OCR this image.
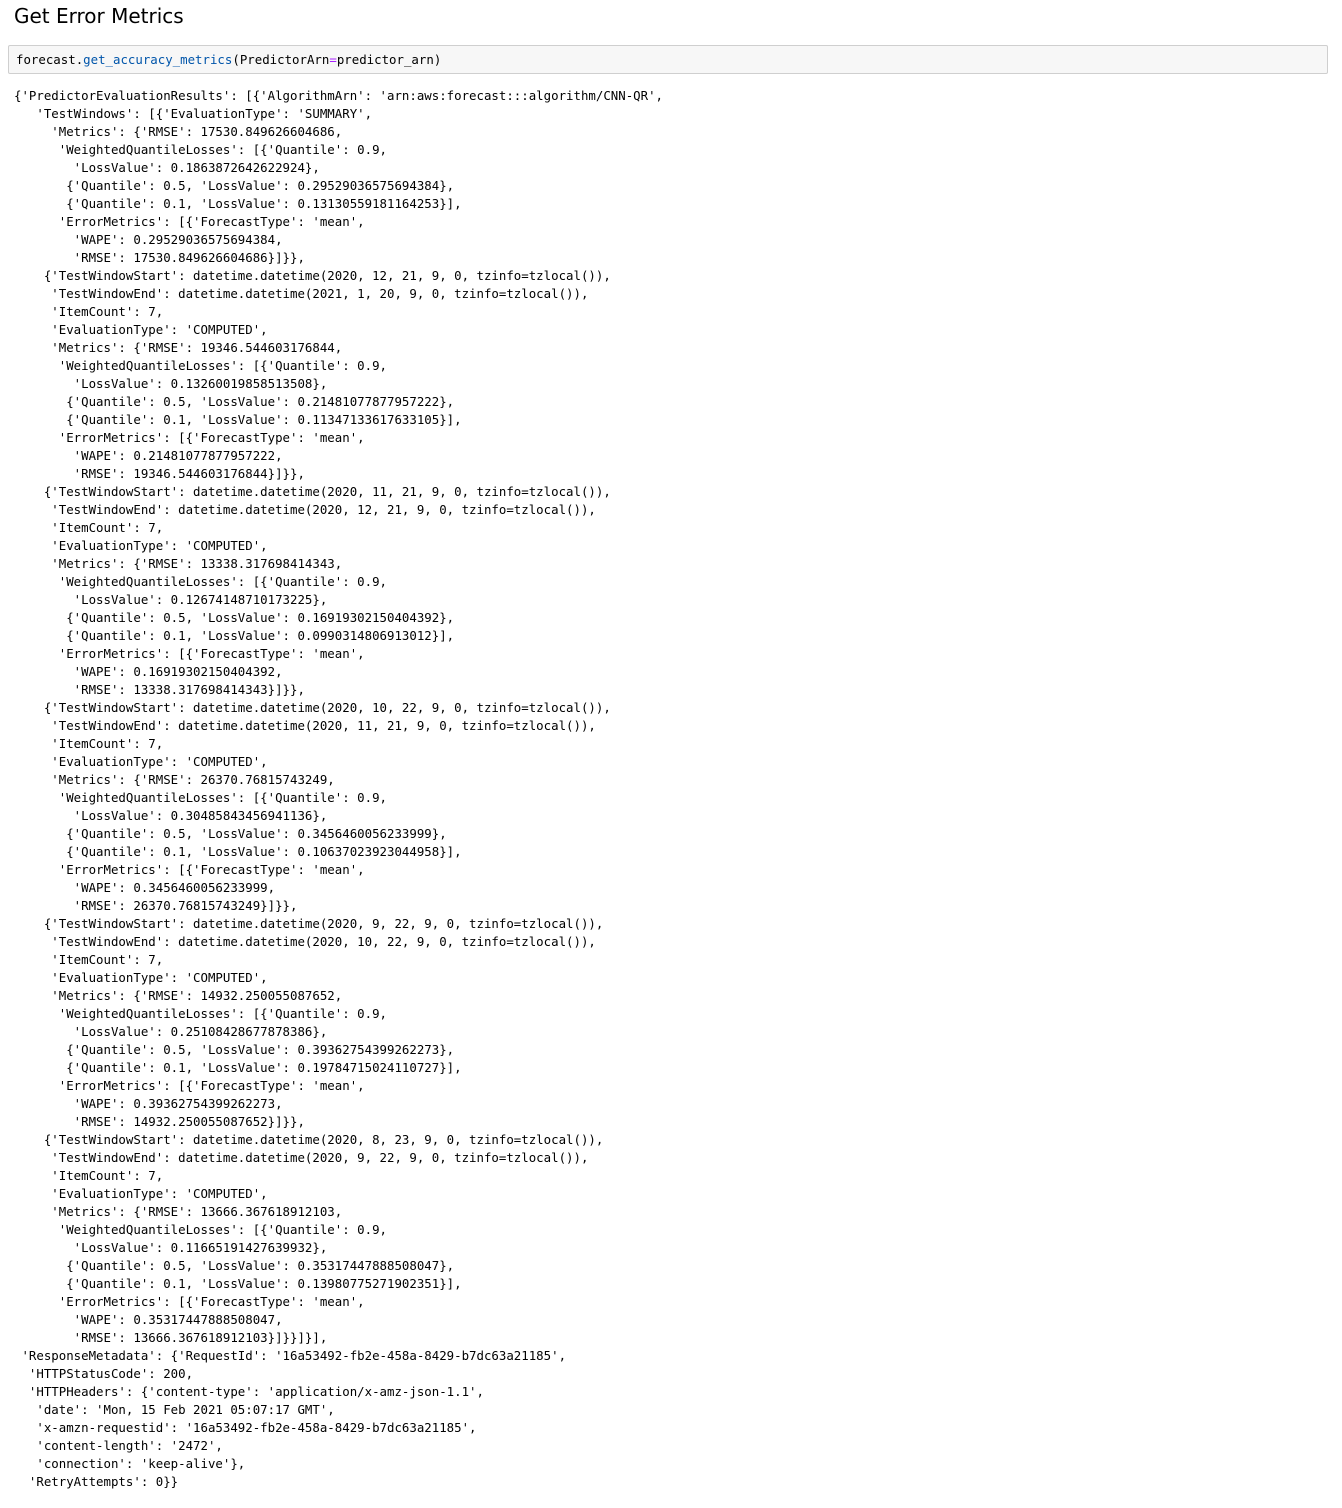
Get Error Metrics
forecast.get_accuracy_metrics(PredictorArn=predictor_arn)
{'PredictorEvaluationResults': [{'AlgorithmArn': 'arn:aws:forecast:::algorithm/CNN-QR',
'TestWindows': [{'EvaluationType': 'SUMMARY',
'Metrics': {'RMSE': 17530.849626604686,
'WeightedQuantileLosses': [{'Quantile': 0.9,
'LossValue': 0.1863872642622924},
{'Quantile': 0.5, 'LossValue': 0.29529036575694384},
{'Quantile': 0.1, 'LossValue': 0.13130559181164253}],
'ErrorMetrics': [{'ForecastType': 'mean',
'WAPE': 0.29529036575694384,
'RMSE': 17530.849626604686}]}},
{'TestWindowStart': datetime.datetime(2020, 12, 21, 9, 0, tzinfo=tzlocal()),
'TestWindowEnd': datetime.datetime(2021, 1, 20, 9, 0, tzinfo=tzlocal()),
'ItemCount': 7,
'EvaluationType': 'COMPUTED',
'Metrics': {'RMSE': 19346.544603176844,
'WeightedQuantileLosses': [{'Quantile': 0.9,
'LossValue': 0.13260019858513508},
{'Quantile': 0.5, 'LossValue': 0.21481077877957222},
{'Quantile': 0.1, 'LossValue': 0.11347133617633105}],
'ErrorMetrics': [{'ForecastType': 'mean',
'WAPE': 0.21481077877957222,
'RMSE': 19346.544603176844}]}},
{'TestWindowStart': datetime.datetime(2020, 11, 21, 9, 0, tzinfo=tzlocal()),
'TestWindowEnd': datetime.datetime(2020, 12, 21, 9, 0, tzinfo=tzlocal()),
'ItemCount': 7,
'EvaluationType': 'COMPUTED',
'Metrics': {'RMSE': 13338.317698414343,
'WeightedQuantileLosses': [{'Quantile': 0.9,
'LossValue': 0.12674148710173225},
{'Quantile': 0.5, 'LossValue': 0.16919302150404392},
{'Quantile': 0.1, 'LossValue': 0.0990314806913012}],
'ErrorMetrics': [{'ForecastType': 'mean',
'WAPE': 0.16919302150404392,
'RMSE': 13338.317698414343}]}},
{'TestWindowStart': datetime.datetime(2020, 10, 22, 9, 0, tzinfo=tzlocal()),
'TestWindowEnd': datetime.datetime(2020, 11, 21, 9, 0, tzinfo=tzlocal()),
'ItemCount': 7,
'EvaluationType': 'COMPUTED',
'Metrics': {'RMSE': 26370.76815743249,
'WeightedQuantileLosses': [{'Quantile': 0.9,
'LossValue': 0.30485843456941136},
{'Quantile': 0.5, 'LossValue': 0.3456460056233999},
{'Quantile': 0.1, 'LossValue': 0.10637023923044958}],
'ErrorMetrics': [{'ForecastType': 'mean',
'WAPE': 0.3456460056233999,
'RMSE': 26370.76815743249}]}},
{'TestWindowStart': datetime.datetime(2020, 9, 22, 9, 0, tzinfo=tzlocal()),
'TestWindowEnd': datetime.datetime(2020, 10, 22, 9, 0, tzinfo=tzlocal()),
'ItemCount': 7,
'EvaluationType': 'COMPUTED',
'Metrics': {'RMSE': 14932.250055087652,
'WeightedQuantileLosses': [{'Quantile': 0.9,
'LossValue': 0.25108428677878386},
{'Quantile': 0.5, 'LossValue': 0.39362754399262273},
{'Quantile': 0.1, 'LossValue': 0.19784715024110727}],
'ErrorMetrics': [{'ForecastType': 'mean',
'WAPE': 0.39362754399262273,
'RMSE': 14932.250055087652}]}},
{'TestWindowStart': datetime.datetime(2020, 8, 23, 9, 0, tzinfo=tzlocal()),
'TestWindowEnd': datetime.datetime(2020, 9, 22, 9, 0, tzinfo=tzlocal()),
'ItemCount': 7,
'EvaluationType': 'COMPUTED',
'Metrics': {'RMSE': 13666.367618912103,
'WeightedQuantileLosses': [{'Quantile': 0.9,
'LossValue': 0.11665191427639932},
{'Quantile': 0.5, 'LossValue': 0.35317447888508047},
{'Quantile': 0.1, 'LossValue': 0.13980775271902351}],
'ErrorMetrics': [{'ForecastType': 'mean',
'WAPE': 0.35317447888508047,
'RMSE': 13666.367618912103}]}}]}],
'ResponseMetadata': {'RequestId': '16a53492-fb2e-458a-8429-b7dc63a21185',
'HTTPStatusCode': 200,
'HTTPHeaders': {'content-type': 'application/x-amz-json-1.1',
'date': 'Mon, 15 Feb 2021 05:07:17 GMT',
'x-amzn-requestid': '16a53492-fb2e-458a-8429-b7dc63a21185',
'content-length': '2472',
'connection': 'keep-alive'},
'RetryAttempts': 0}}
